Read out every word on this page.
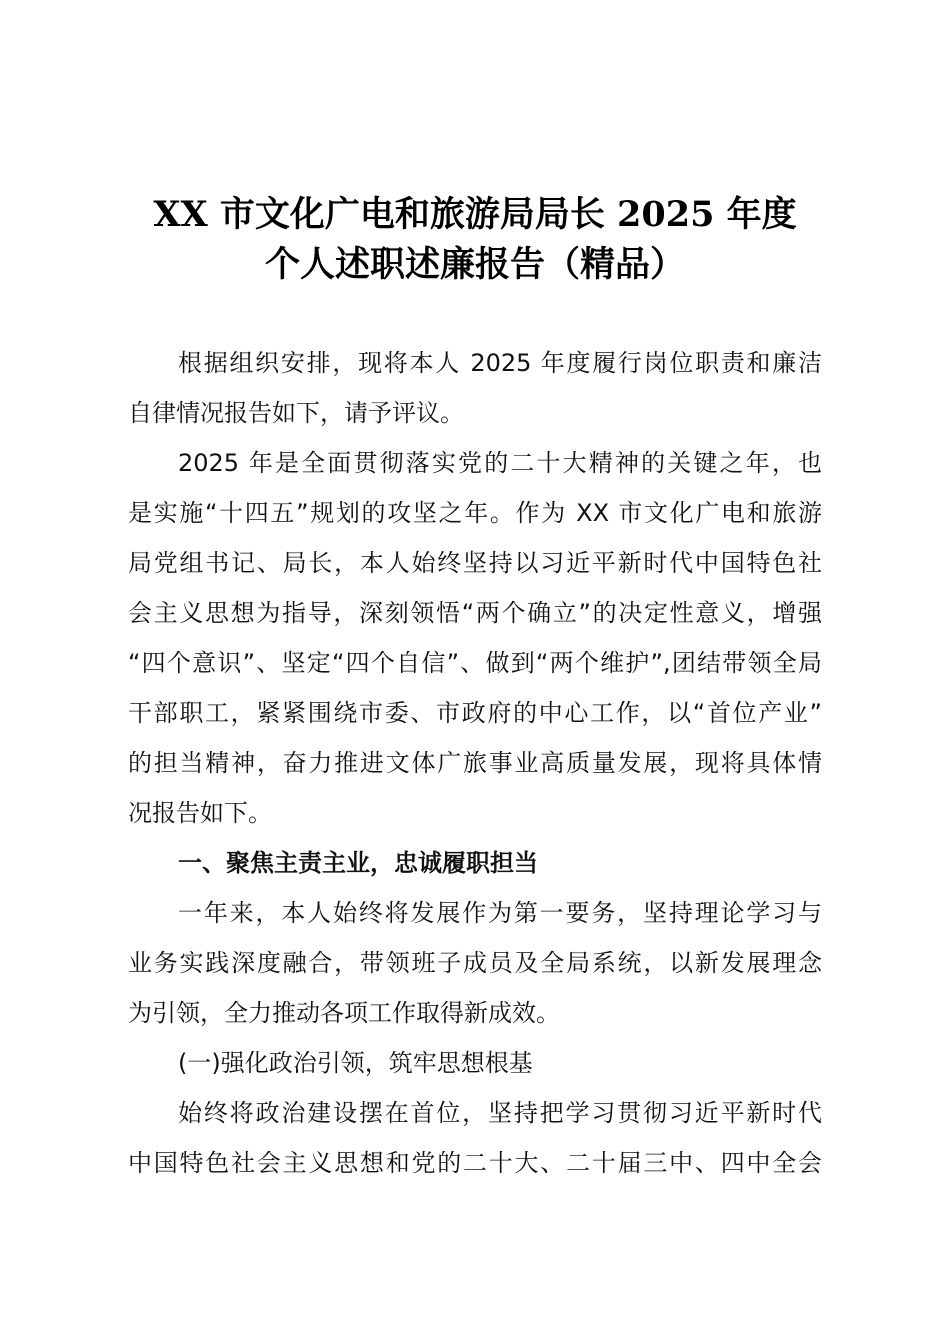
XX 市文化广电和旅游局局长 2025 年度
个人述职述廉报告（精品）
根据组织安排，现将本人 2025 年度履行岗位职责和廉洁
自律情况报告如下，请予评议。
2025 年是全面贯彻落实党的二十大精神的关键之年，也
是实施“十四五”规划的攻坚之年。作为 XX 市文化广电和旅游
局党组书记、局长，本人始终坚持以习近平新时代中国特色社
会主义思想为指导，深刻领悟“两个确立”的决定性意义，增强
“四个意识”、坚定“四个自信”、做到“两个维护”,团结带领全局
干部职工，紧紧围绕市委、市政府的中心工作，以“首位产业”
的担当精神，奋力推进文体广旅事业高质量发展，现将具体情
况报告如下。
一、聚焦主责主业，忠诚履职担当
一年来，本人始终将发展作为第一要务，坚持理论学习与
业务实践深度融合，带领班子成员及全局系统，以新发展理念
为引领，全力推动各项工作取得新成效。
(一)强化政治引领，筑牢思想根基
始终将政治建设摆在首位，坚持把学习贯彻习近平新时代
中国特色社会主义思想和党的二十大、二十届三中、四中全会
